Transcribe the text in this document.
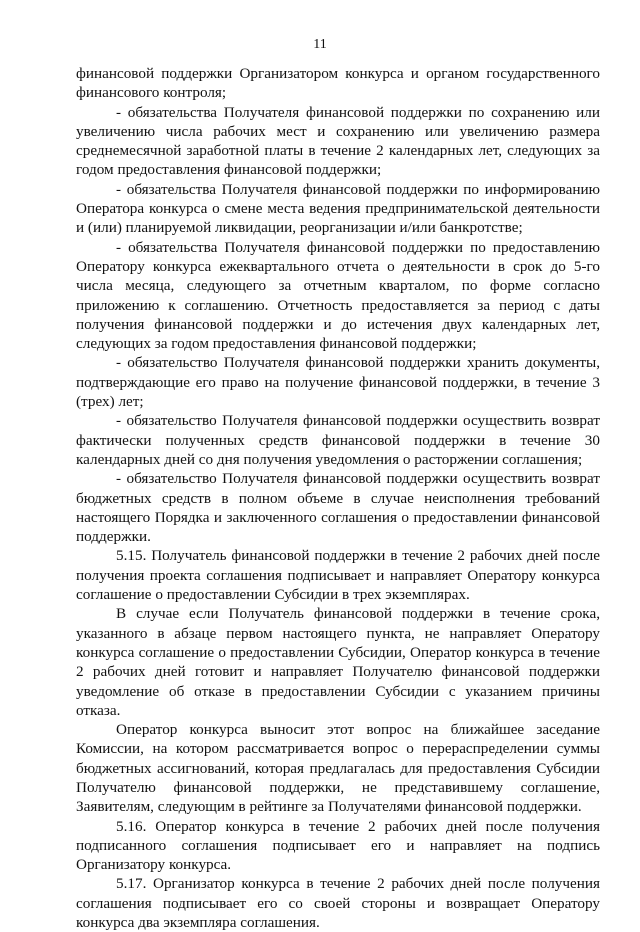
11

финансовой поддержки Организатором конкурса и органом государственного финансового контроля;

- обязательства Получателя финансовой поддержки по сохранению или увеличению числа рабочих мест и сохранению или увеличению размера среднемесячной заработной платы в течение 2 календарных лет, следующих за годом предоставления финансовой поддержки;

- обязательства Получателя финансовой поддержки по информированию Оператора конкурса о смене места ведения предпринимательской деятельности и (или) планируемой ликвидации, реорганизации и/или банкротстве;

- обязательства Получателя финансовой поддержки по предоставлению Оператору конкурса ежеквартального отчета о деятельности в срок до 5-го числа месяца, следующего за отчетным кварталом, по форме согласно приложению к соглашению. Отчетность предоставляется за период с даты получения финансовой поддержки и до истечения двух календарных лет, следующих за годом предоставления финансовой поддержки;

- обязательство Получателя финансовой поддержки хранить документы, подтверждающие его право на получение финансовой поддержки, в течение 3 (трех) лет;

- обязательство Получателя финансовой поддержки осуществить возврат фактически полученных средств финансовой поддержки в течение 30 календарных дней со дня получения уведомления о расторжении соглашения;

- обязательство Получателя финансовой поддержки осуществить возврат бюджетных средств в полном объеме в случае неисполнения требований настоящего Порядка и заключенного соглашения о предоставлении финансовой поддержки.

5.15. Получатель финансовой поддержки в течение 2 рабочих дней после получения проекта соглашения подписывает и направляет Оператору конкурса соглашение о предоставлении Субсидии в трех экземплярах.

В случае если Получатель финансовой поддержки в течение срока, указанного в абзаце первом настоящего пункта, не направляет Оператору конкурса соглашение о предоставлении Субсидии, Оператор конкурса в течение 2 рабочих дней готовит и направляет Получателю финансовой поддержки уведомление об отказе в предоставлении Субсидии с указанием причины отказа.

Оператор конкурса выносит этот вопрос на ближайшее заседание Комиссии, на котором рассматривается вопрос о перераспределении суммы бюджетных ассигнований, которая предлагалась для предоставления Субсидии Получателю финансовой поддержки, не представившему соглашение, Заявителям, следующим в рейтинге за Получателями финансовой поддержки.

5.16. Оператор конкурса в течение 2 рабочих дней после получения подписанного соглашения подписывает его и направляет на подпись Организатору конкурса.

5.17. Организатор конкурса в течение 2 рабочих дней после получения соглашения подписывает его со своей стороны и возвращает Оператору конкурса два экземпляра соглашения.
